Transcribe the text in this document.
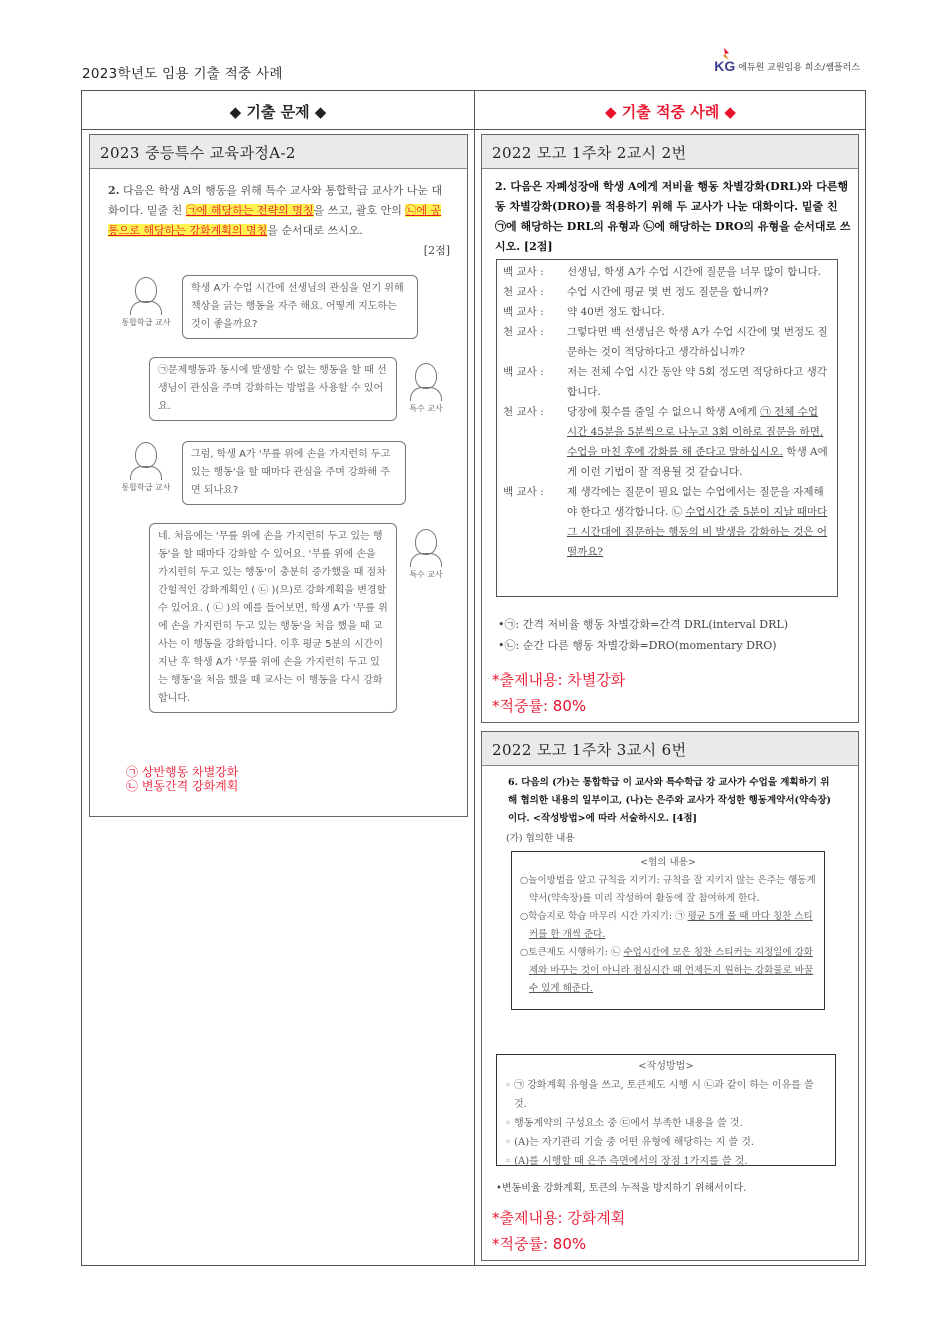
2023학년도 임용 기출 적중 사례	KG 에듀원 교원임용 희소/쌤플러스
◆ 기출 문제 ◆	◆ 기출 적중 사례 ◆
2023 중등특수 교육과정A-2
2. 다음은 학생 A의 행동을 위해 특수 교사와 통합학급 교사가 나눈 대화이다. 밑줄 친 ㉠에 해당하는 전략의 명칭을 쓰고, 괄호 안의 ㉡에 공통으로 해당하는 강화계획의 명칭을 순서대로 쓰시오.
[2점]
통합학급 교사
학생 A가 수업 시간에 선생님의 관심을 얻기 위해 책상을 긁는 행동을 자주 해요. 어떻게 지도하는 것이 좋을까요?
㉠문제행동과 동시에 발생할 수 없는 행동을 할 때 선생님이 관심을 주며 강화하는 방법을 사용할 수 있어요.	특수 교사
통합학급 교사
그럼, 학생 A가 '무릎 위에 손을 가지런히 두고 있는 행동'을 할 때마다 관심을 주며 강화해 주면 되나요?
네. 처음에는 '무릎 위에 손을 가지런히 두고 있는 행동'을 할 때마다 강화할 수 있어요. '무릎 위에 손을 가지런히 두고 있는 행동'이 충분히 증가했을 때 점차 간헐적인 강화계획인 ( ㉡ )(으)로 강화계획을 변경할 수 있어요. ( ㉡ )의 예를 들어보면, 학생 A가 '무릎 위에 손을 가지런히 두고 있는 행동'을 처음 했을 때 교사는 이 행동을 강화합니다. 이후 평균 5분의 시간이 지난 후 학생 A가 '무릎 위에 손을 가지런히 두고 있는 행동'을 처음 했을 때 교사는 이 행동을 다시 강화합니다.
특수 교사
㉠ 상반행동 차별강화
㉡ 변동간격 강화계획
2022 모고 1주차 2교시 2번
2. 다음은 자폐성장애 학생 A에게 저비율 행동 차별강화(DRL)와 다른행동 차별강화(DRO)를 적용하기 위해 두 교사가 나눈 대화이다. 밑줄 친 ㉠에 해당하는 DRL의 유형과 ㉡에 해당하는 DRO의 유형을 순서대로 쓰시오. [2점]
백 교사 :	선생님, 학생 A가 수업 시간에 질문을 너무 많이 합니다.
천 교사 :	수업 시간에 평균 몇 번 정도 질문을 합니까?
백 교사 :	약 40번 정도 합니다.
천 교사 :	그렇다면 백 선생님은 학생 A가 수업 시간에 몇 번정도 질문하는 것이 적당하다고 생각하십니까?
백 교사 :	저는 전체 수업 시간 동안 약 5회 정도면 적당하다고 생각합니다.
천 교사 :	당장에 횟수를 줄일 수 없으니 학생 A에게 ㉠ 전체 수업 시간 45분을 5분씩으로 나누고 3회 이하로 질문을 하면, 수업을 마친 후에 강화를 해 준다고 말하십시오. 학생 A에게 이런 기법이 잘 적용될 것 같습니다.
백 교사 :	제 생각에는 질문이 필요 없는 수업에서는 질문을 자제해야 한다고 생각합니다. ㉡ 수업시간 중 5분이 지날 때마다 그 시간대에 질문하는 행동의 비 발생을 강화하는 것은 어떨까요?
•㉠: 간격 저비율 행동 차별강화=간격 DRL(interval DRL)
•㉡: 순간 다른 행동 차별강화=DRO(momentary DRO)
*출제내용: 차별강화
*적중률: 80%
2022 모고 1주차 3교시 6번
6. 다음의 (가)는 통합학급 이 교사와 특수학급 강 교사가 수업을 계획하기 위해 협의한 내용의 일부이고, (나)는 은주와 교사가 작성한 행동계약서(약속장)이다. <작성방법>에 따라 서술하시오. [4점]
(가) 협의한 내용
<협의 내용>
○놀이방법을 알고 규칙을 지키기: 규칙을 잘 지키지 않는 은주는 행동계약서(약속장)를 미리 작성하여 활동에 잘 참여하게 한다.
○학습지로 학습 마무리 시간 가지기: ㉠ 평균 5개 풀 때 마다 칭찬 스티커를 한 개씩 준다.
○토큰제도 시행하기: ㉡ 수업시간에 모은 칭찬 스티커는 지정일에 강화제와 바꾸는 것이 아니라 점심시간 때 언제든지 원하는 강화물로 바꿀 수 있게 해준다.
<작성방법>
◦ ㉠ 강화계획 유형을 쓰고, 토큰제도 시행 시 ㉡과 같이 하는 이유를 쓸 것.
◦ 행동계약의 구성요소 중 ㉢에서 부족한 내용을 쓸 것.
◦ (A)는 자기관리 기술 중 어떤 유형에 해당하는 지 쓸 것.
◦ (A)를 시행할 때 은주 측면에서의 장점 1가지를 쓸 것.
•변동비율 강화계획, 토큰의 누적을 방지하기 위해서이다.
*출제내용: 강화계획
*적중률: 80%
